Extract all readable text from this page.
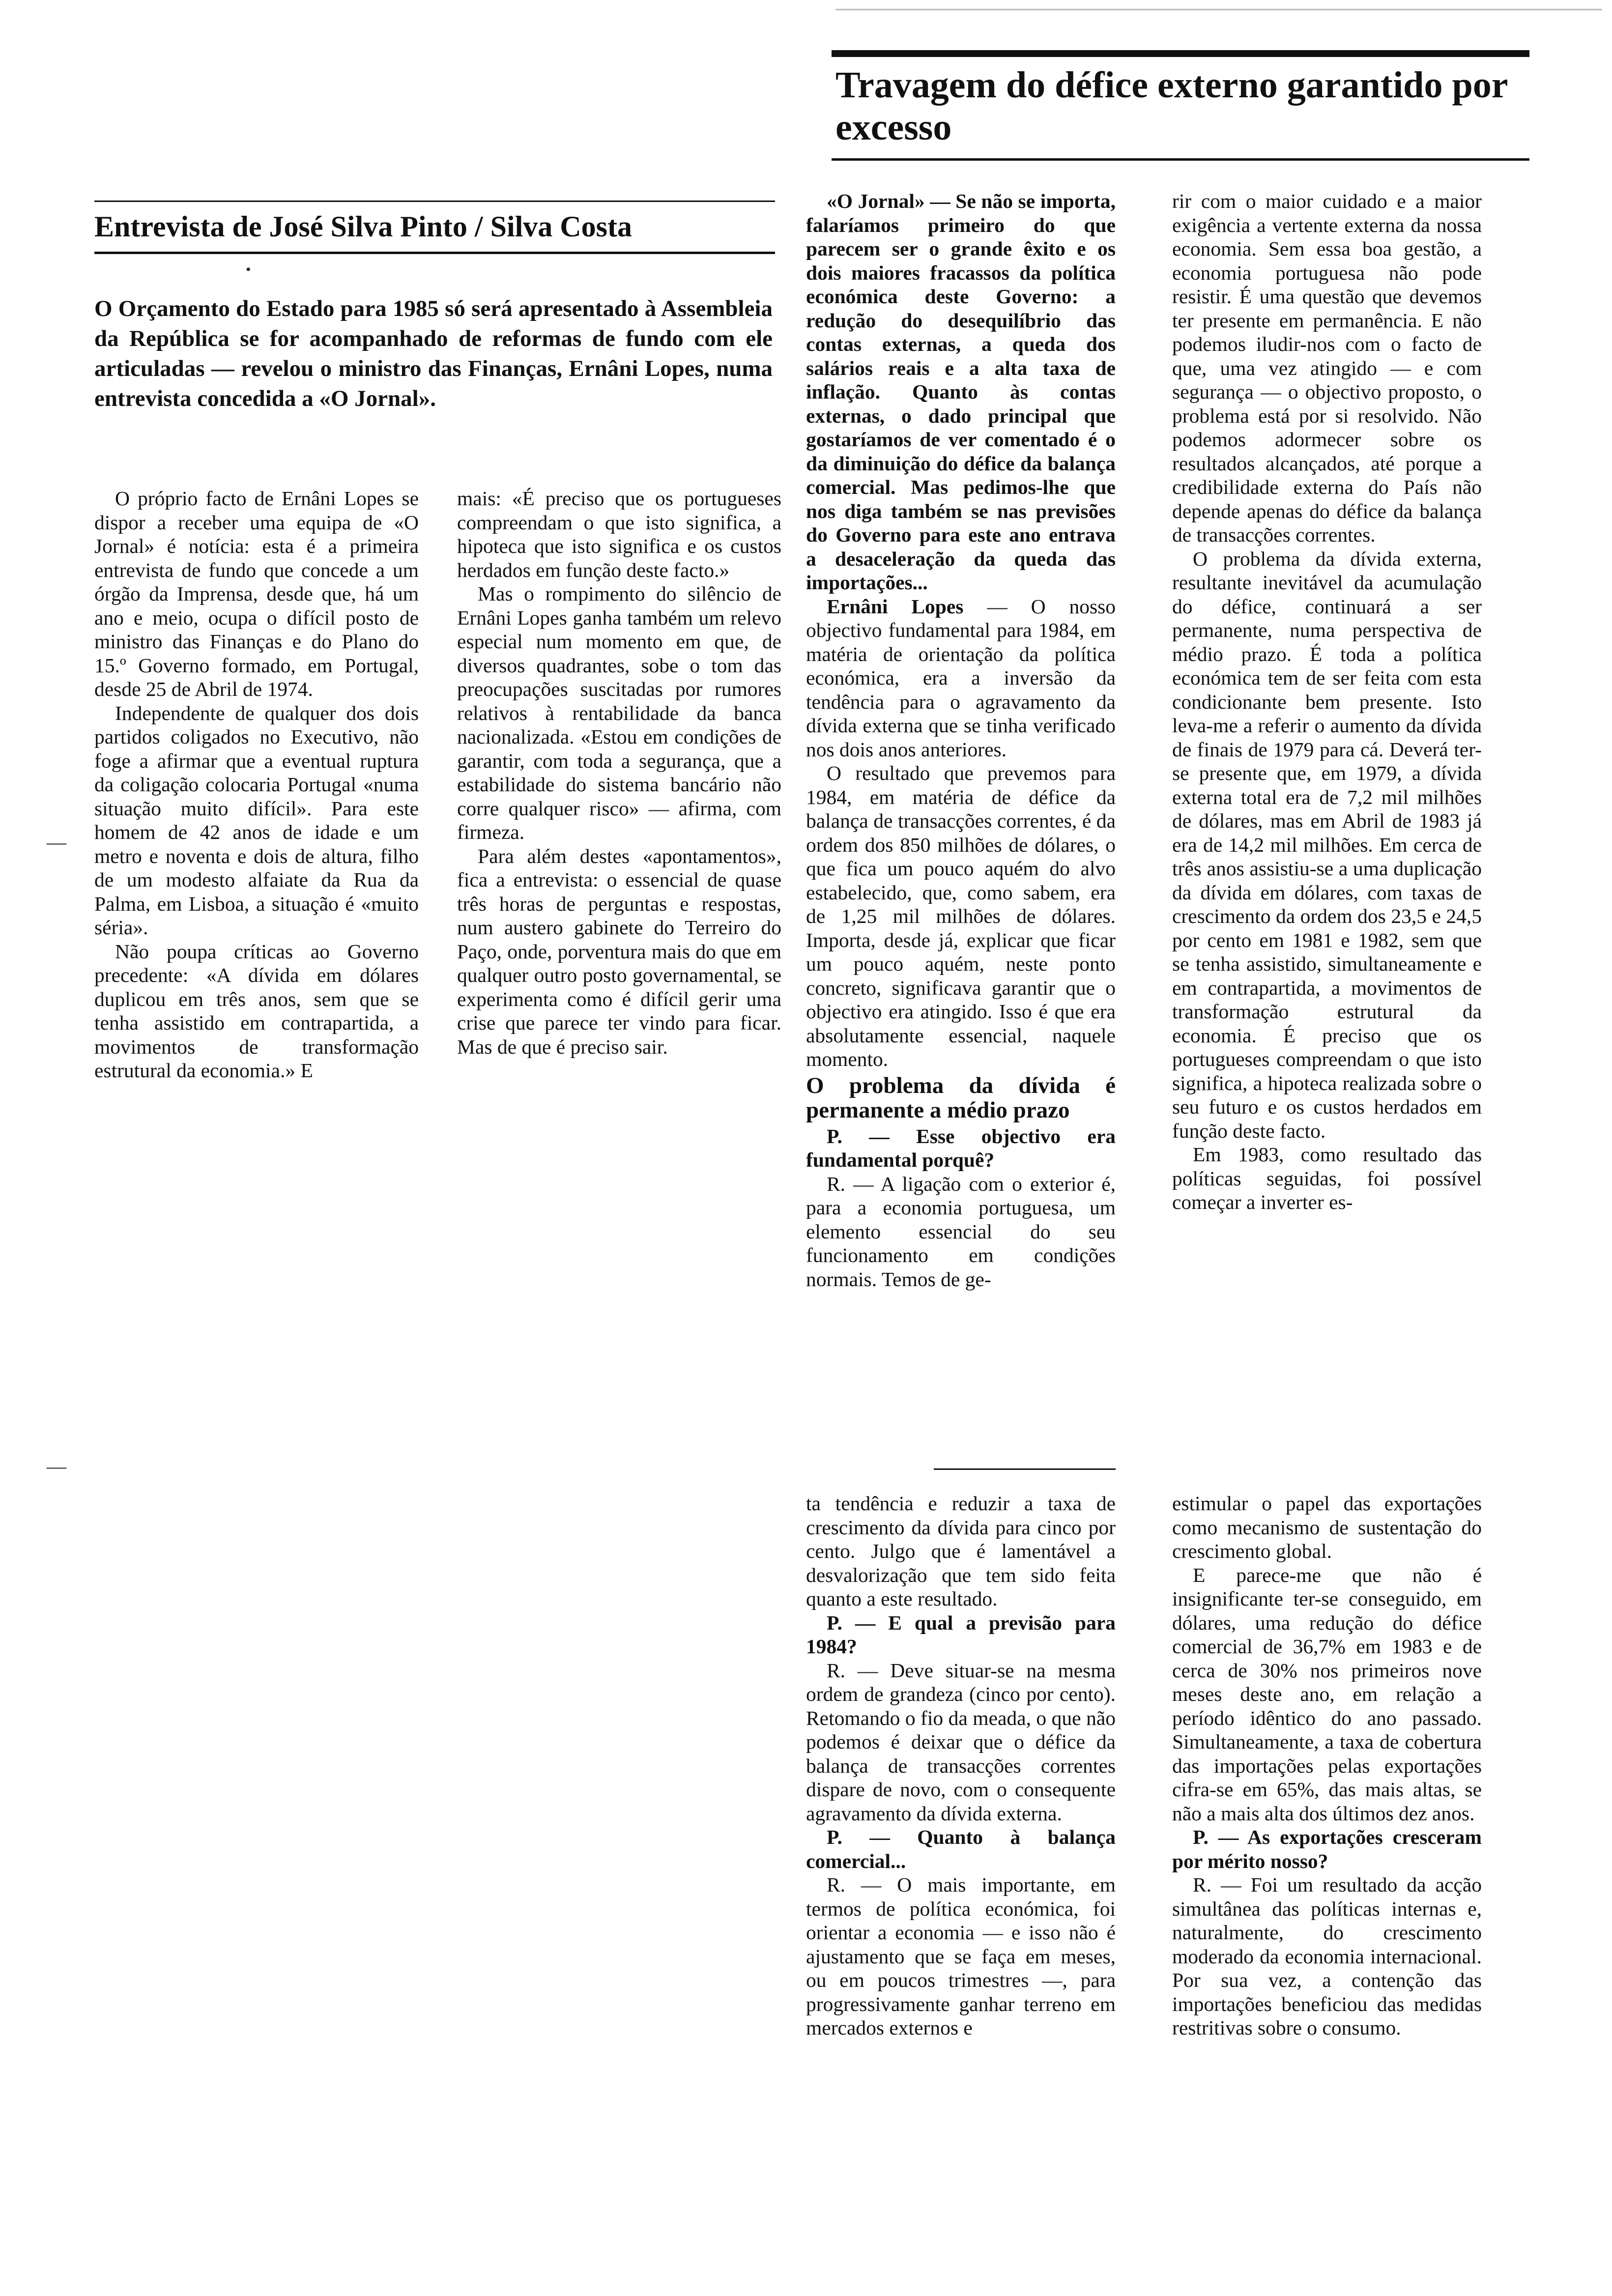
Travagem do défice externo garantido por excesso
Entrevista de José Silva Pinto / Silva Costa
•

O Orçamento do Estado para 1985 só será apresentado à Assembleia da República se for acompanhado de reformas de fundo com ele articuladas — revelou o ministro das Finanças, Ernâni Lopes, numa entrevista concedida a «O Jornal».

O próprio facto de Ernâni Lopes se dispor a receber uma equipa de «O Jornal» é notícia: esta é a primeira entrevista de fundo que concede a um órgão da Imprensa, desde que, há um ano e meio, ocupa o difícil posto de ministro das Finanças e do Plano do 15.º Governo formado, em Portugal, desde 25 de Abril de 1974.

Independente de qualquer dos dois partidos coligados no Executivo, não foge a afirmar que a eventual ruptura da coligação colocaria Portugal «numa situação muito difícil». Para este homem de 42 anos de idade e um metro e noventa e dois de altura, filho de um modesto alfaiate da Rua da Palma, em Lisboa, a situação é «muito séria».

Não poupa críticas ao Governo precedente: «A dívida em dólares duplicou em três anos, sem que se tenha assistido em contrapartida, a movimentos de transformação estrutural da economia.» E

mais: «É preciso que os portugueses compreendam o que isto significa, a hipoteca que isto significa e os custos herdados em função deste facto.»

Mas o rompimento do silêncio de Ernâni Lopes ganha também um relevo especial num momento em que, de diversos quadrantes, sobe o tom das preocupações suscitadas por rumores relativos à rentabilidade da banca nacionalizada. «Estou em condições de garantir, com toda a segurança, que a estabilidade do sistema bancário não corre qualquer risco» — afirma, com firmeza.

Para além destes «apontamentos», fica a entrevista: o essencial de quase três horas de perguntas e respostas, num austero gabinete do Terreiro do Paço, onde, porventura mais do que em qualquer outro posto governamental, se experimenta como é difícil gerir uma crise que parece ter vindo para ficar. Mas de que é preciso sair.

«O Jornal» — Se não se importa, falaríamos primeiro do que parecem ser o grande êxito e os dois maiores fracassos da política económica deste Governo: a redução do desequilíbrio das contas externas, a queda dos salários reais e a alta taxa de inflação. Quanto às contas externas, o dado principal que gostaríamos de ver comentado é o da diminuição do défice da balança comercial. Mas pedimos-lhe que nos diga também se nas previsões do Governo para este ano entrava a desaceleração da queda das importações...

Ernâni Lopes — O nosso objectivo fundamental para 1984, em matéria de orientação da política económica, era a inversão da tendência para o agravamento da dívida externa que se tinha verificado nos dois anos anteriores.

O resultado que prevemos para 1984, em matéria de défice da balança de transacções correntes, é da ordem dos 850 milhões de dólares, o que fica um pouco aquém do alvo estabelecido, que, como sabem, era de 1,25 mil milhões de dólares. Importa, desde já, explicar que ficar um pouco aquém, neste ponto concreto, significava garantir que o objectivo era atingido. Isso é que era absolutamente essencial, naquele momento.

O problema da dívida é permanente a médio prazo

P. — Esse objectivo era fundamental porquê?

R. — A ligação com o exterior é, para a economia portuguesa, um elemento essencial do seu funcionamento em condições normais. Temos de ge-

rir com o maior cuidado e a maior exigência a vertente externa da nossa economia. Sem essa boa gestão, a economia portuguesa não pode resistir. É uma questão que devemos ter presente em permanência. E não podemos iludir-nos com o facto de que, uma vez atingido — e com segurança — o objectivo proposto, o problema está por si resolvido. Não podemos adormecer sobre os resultados alcançados, até porque a credibilidade externa do País não depende apenas do défice da balança de transacções correntes.

O problema da dívida externa, resultante inevitável da acumulação do défice, continuará a ser permanente, numa perspectiva de médio prazo. É toda a política económica tem de ser feita com esta condicionante bem presente. Isto leva-me a referir o aumento da dívida de finais de 1979 para cá. Deverá ter-se presente que, em 1979, a dívida externa total era de 7,2 mil milhões de dólares, mas em Abril de 1983 já era de 14,2 mil milhões. Em cerca de três anos assistiu-se a uma duplicação da dívida em dólares, com taxas de crescimento da ordem dos 23,5 e 24,5 por cento em 1981 e 1982, sem que se tenha assistido, simultaneamente e em contrapartida, a movimentos de transformação estrutural da economia. É preciso que os portugueses compreendam o que isto significa, a hipoteca realizada sobre o seu futuro e os custos herdados em função deste facto.

Em 1983, como resultado das políticas seguidas, foi possível começar a inverter es-

ta tendência e reduzir a taxa de crescimento da dívida para cinco por cento. Julgo que é lamentável a desvalorização que tem sido feita quanto a este resultado.

P. — E qual a previsão para 1984?

R. — Deve situar-se na mesma ordem de grandeza (cinco por cento). Retomando o fio da meada, o que não podemos é deixar que o défice da balança de transacções correntes dispare de novo, com o consequente agravamento da dívida externa.

P. — Quanto à balança comercial...

R. — O mais importante, em termos de política económica, foi orientar a economia — e isso não é ajustamento que se faça em meses, ou em poucos trimestres —, para progressivamente ganhar terreno em mercados externos e

estimular o papel das exportações como mecanismo de sustentação do crescimento global.

E parece-me que não é insignificante ter-se conseguido, em dólares, uma redução do défice comercial de 36,7% em 1983 e de cerca de 30% nos primeiros nove meses deste ano, em relação a período idêntico do ano passado. Simultaneamente, a taxa de cobertura das importações pelas exportações cifra-se em 65%, das mais altas, se não a mais alta dos últimos dez anos.

P. — As exportações cresceram por mérito nosso?

R. — Foi um resultado da acção simultânea das políticas internas e, naturalmente, do crescimento moderado da economia internacional. Por sua vez, a contenção das importações beneficiou das medidas restritivas sobre o consumo.

—
—
